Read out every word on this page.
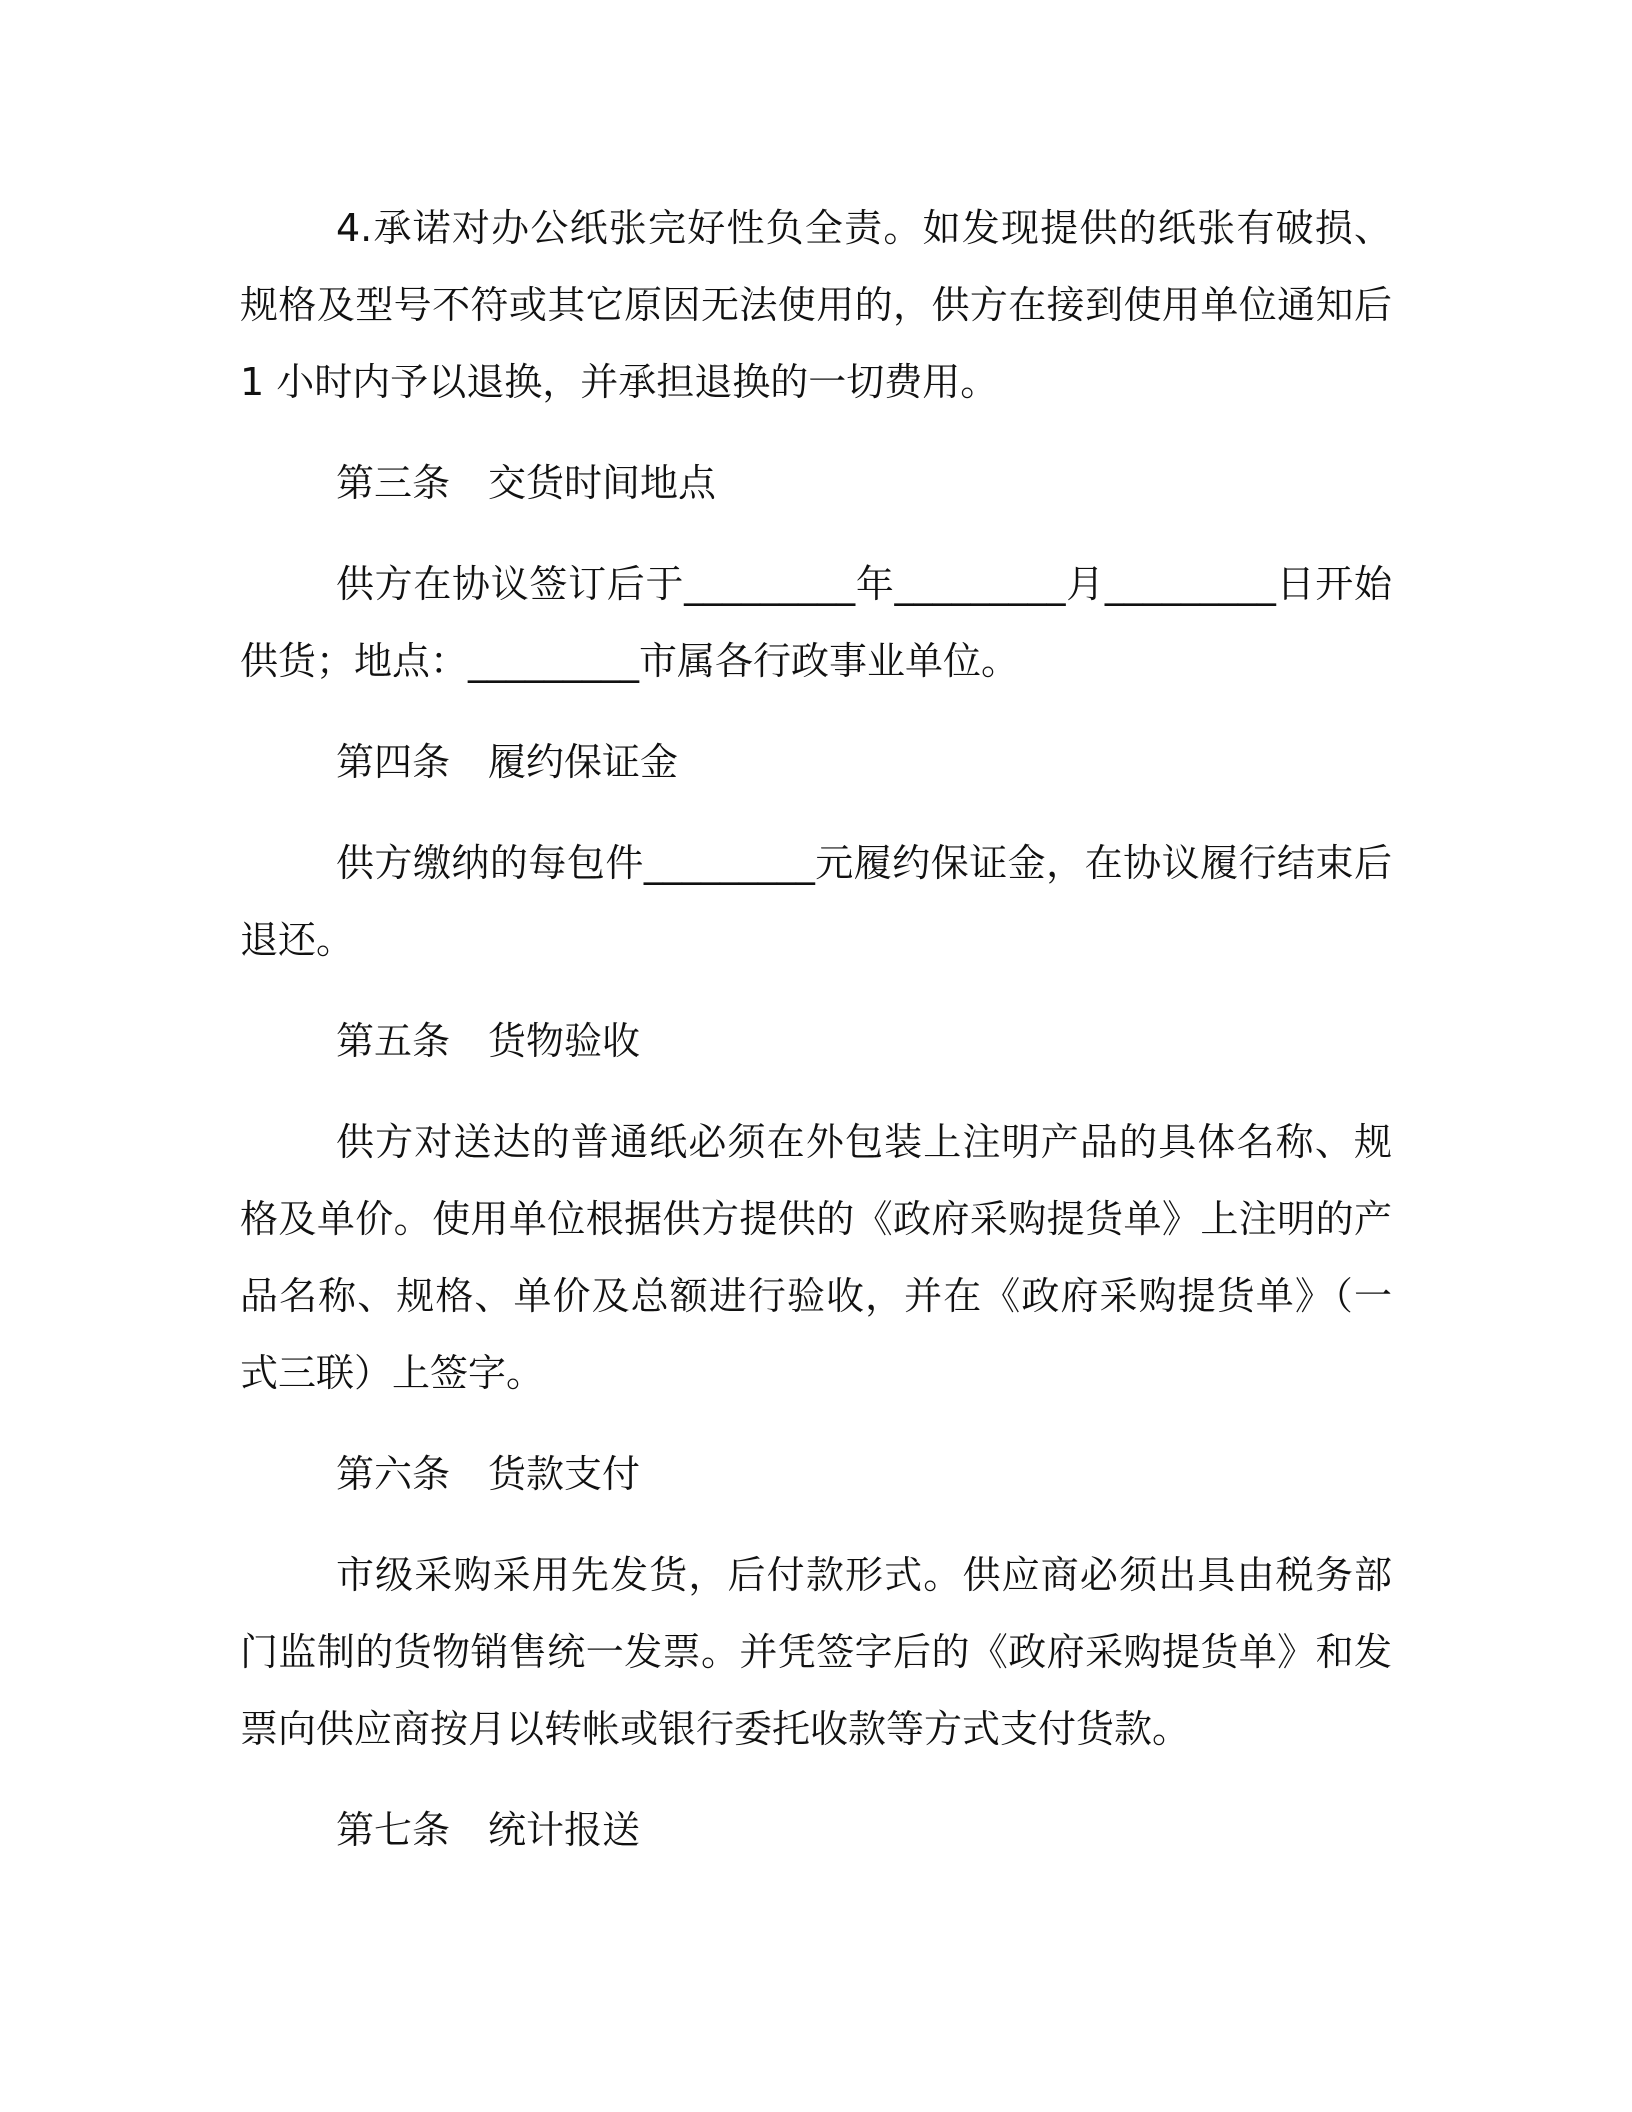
4.承诺对办公纸张完好性负全责。如发现提供的纸张有破损、规格及型号不符或其它原因无法使用的，供方在接到使用单位通知后 1 小时内予以退换，并承担退换的一切费用。

第三条　交货时间地点

供方在协议签订后于_________年_________月_________日开始供货；地点：_________市属各行政事业单位。

第四条　履约保证金

供方缴纳的每包件_________元履约保证金，在协议履行结束后退还。

第五条　货物验收

供方对送达的普通纸必须在外包装上注明产品的具体名称、规格及单价。使用单位根据供方提供的《政府采购提货单》上注明的产品名称、规格、单价及总额进行验收，并在《政府采购提货单》（一式三联）上签字。

第六条　货款支付

市级采购采用先发货，后付款形式。供应商必须出具由税务部门监制的货物销售统一发票。并凭签字后的《政府采购提货单》和发票向供应商按月以转帐或银行委托收款等方式支付货款。

第七条　统计报送
